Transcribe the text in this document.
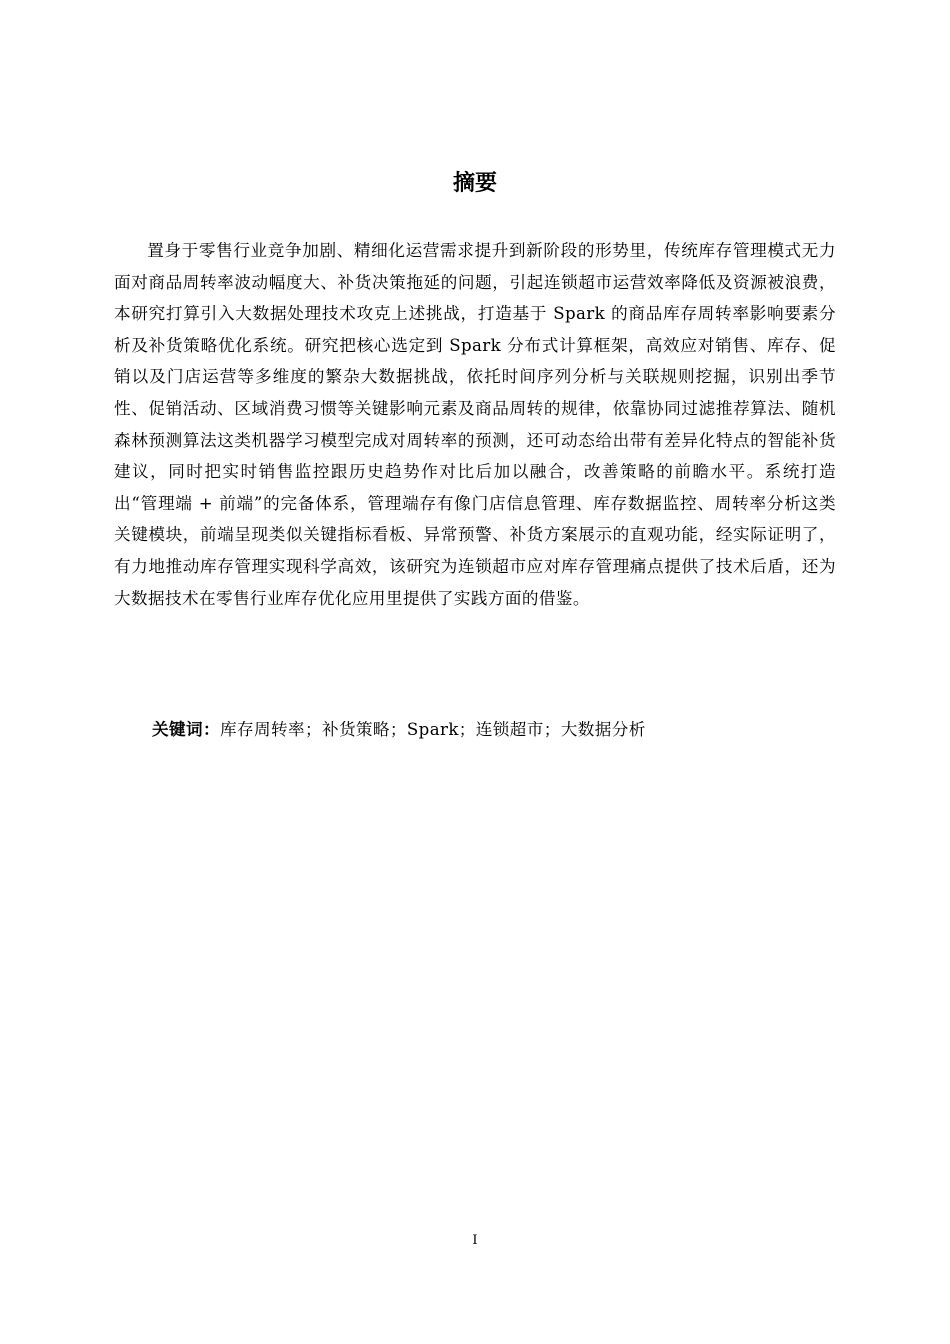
摘要

置身于零售行业竞争加剧、精细化运营需求提升到新阶段的形势里，传统库存管理模式无力面对商品周转率波动幅度大、补货决策拖延的问题，引起连锁超市运营效率降低及资源被浪费，本研究打算引入大数据处理技术攻克上述挑战，打造基于 Spark 的商品库存周转率影响要素分析及补货策略优化系统。研究把核心选定到 Spark 分布式计算框架，高效应对销售、库存、促销以及门店运营等多维度的繁杂大数据挑战，依托时间序列分析与关联规则挖掘，识别出季节性、促销活动、区域消费习惯等关键影响元素及商品周转的规律，依靠协同过滤推荐算法、随机森林预测算法这类机器学习模型完成对周转率的预测，还可动态给出带有差异化特点的智能补货建议，同时把实时销售监控跟历史趋势作对比后加以融合，改善策略的前瞻水平。系统打造出“管理端 + 前端”的完备体系，管理端存有像门店信息管理、库存数据监控、周转率分析这类关键模块，前端呈现类似关键指标看板、异常预警、补货方案展示的直观功能，经实际证明了，有力地推动库存管理实现科学高效，该研究为连锁超市应对库存管理痛点提供了技术后盾，还为大数据技术在零售行业库存优化应用里提供了实践方面的借鉴。

关键词：库存周转率；补货策略；Spark；连锁超市；大数据分析

I
